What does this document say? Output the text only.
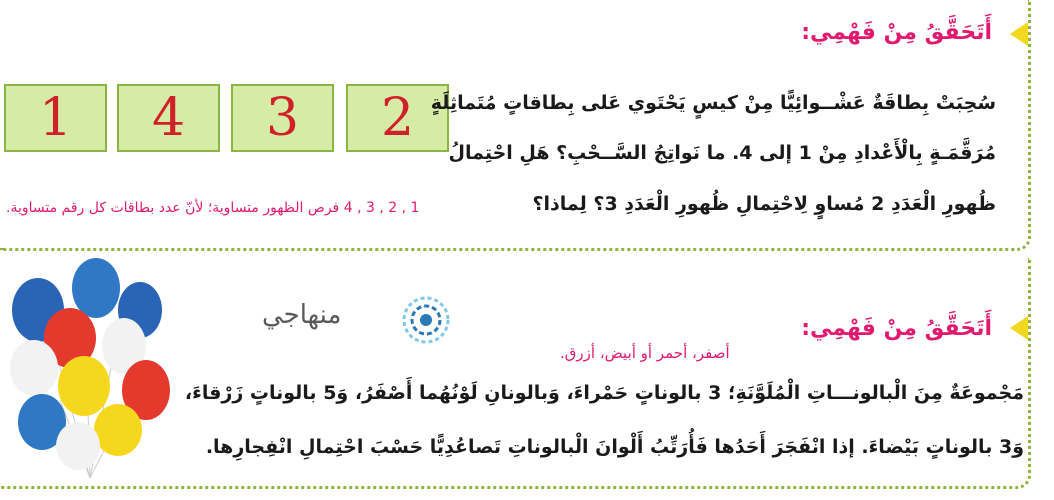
أَتَحَقَّقُ مِنْ فَهْمِي:
2
3
4
1	سُحِبَتْ بِطاقَةٌ عَشْــوائِيًّا مِنْ كيسٍ يَحْتَوي عَلى بِطاقاتٍ مُتَماثِلَةٍ
مُرَقَّمَـةٍ بِالْأَعْدادِ مِنْ 1 إلى 4. ما نَواتِجُ السَّــحْبِ؟ هَلِ احْتِمالُ
ظُهورِ الْعَدَدِ 2 مُساوٍ لِاحْتِمالِ ظُهورِ الْعَدَدِ 3؟ لِماذا؟
1 , 2 , 3 , 4 فرص الظهور متساوية؛ لأنّ عدد بطاقات كل رقم متساوية.
أَتَحَقَّقُ مِنْ فَهْمِي:
منهاجي
أصفر، أحمر أو أبيض، أزرق.
مَجْموعَةٌ مِنَ الْبالونـــاتِ الْمُلَوَّنَةِ؛ 3 بالوناتٍ حَمْراءَ، وَبالونانِ لَوْنُهُما أَصْفَرُ، وَ5 بالوناتٍ زَرْقاءَ،
وَ3 بالوناتٍ بَيْضاءَ. إذا انْفَجَرَ أَحَدُها فَأُرَتِّبُ أَلْوانَ الْبالوناتِ تَصاعُدِيًّا حَسْبَ احْتِمالِ انْفِجارِها.
